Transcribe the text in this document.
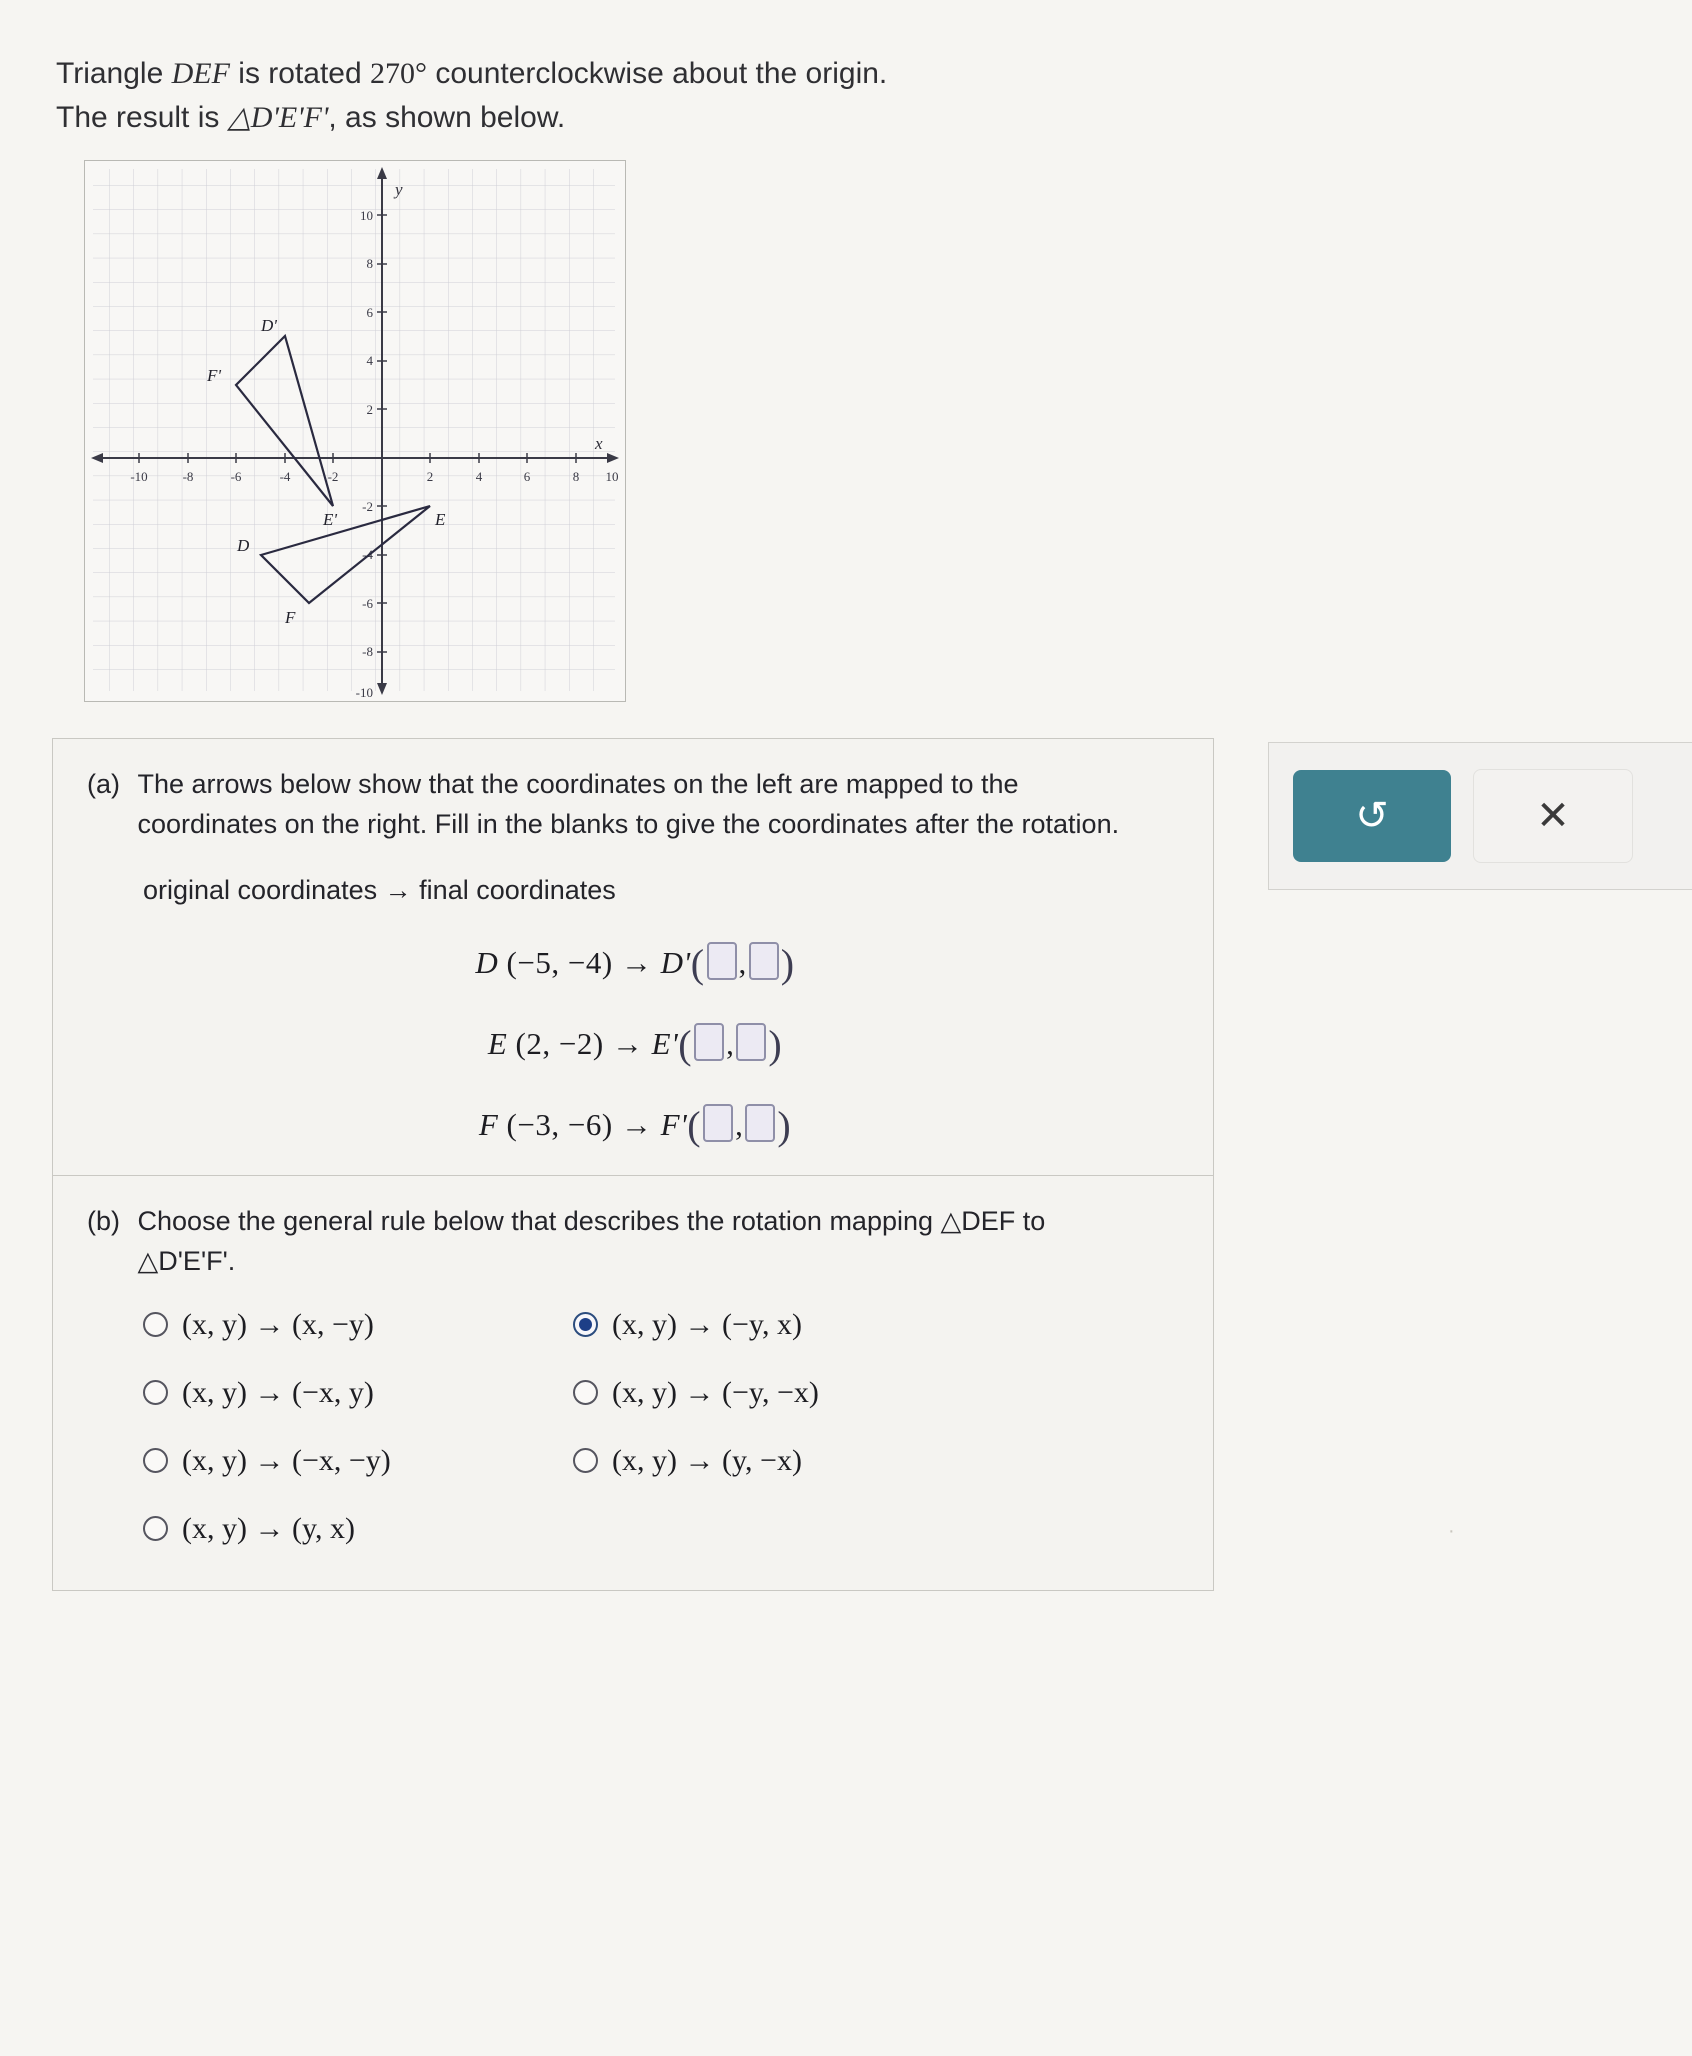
Triangle DEF is rotated 270° counterclockwise about the origin.
The result is △D'E'F', as shown below.
-10	-8	-6	-4	-2	2	4	6	8 10
10
8
6
4
2
-2
-4
-6
-8
-10
x
y
D'
E'
F'
D
E
F
(a) The arrows below show that the coordinates on the left are mapped to the coordinates on the right. Fill in the blanks to give the coordinates after the rotation.
original coordinates → final coordinates
D (−5, −4) → D'( , )
E (2, −2) → E'( , )
F (−3, −6) → F'( , )
(b) Choose the general rule below that describes the rotation mapping △DEF to △D'E'F'.
(x, y) → (x, −y)	(x, y) → (−y, x)
(x, y) → (−x, y)	(x, y) → (−y, −x)
(x, y) → (−x, −y)	(x, y) → (y, −x)
(x, y) → (y, x)
↺	✕
·
